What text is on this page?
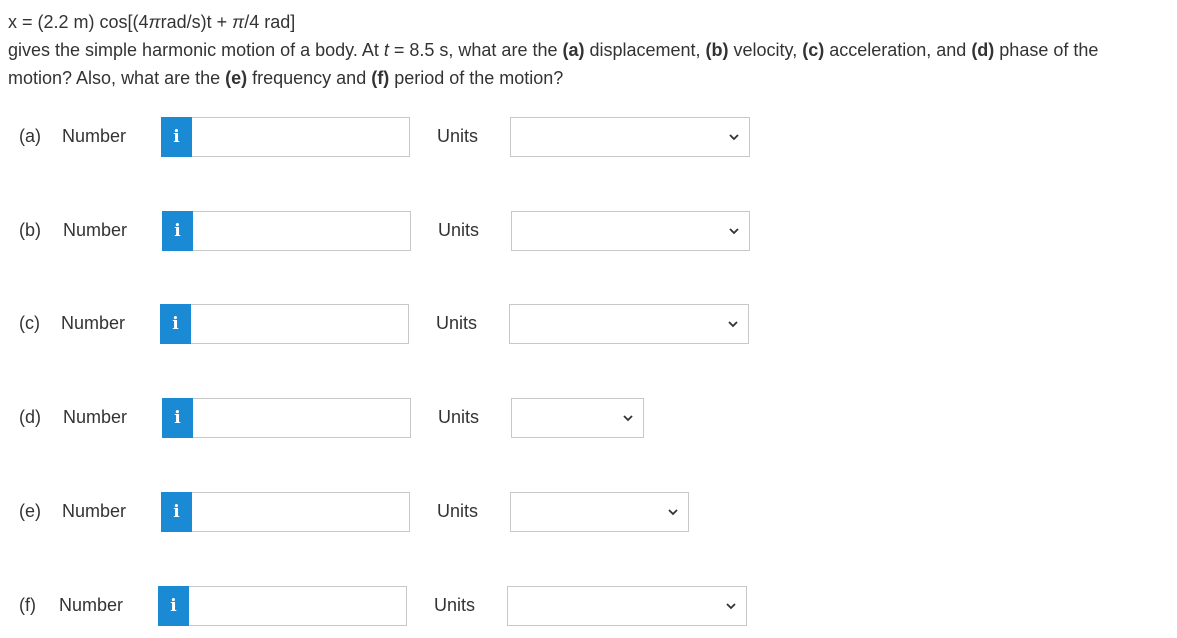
x = (2.2 m) cos[(4πrad/s)t + π/4 rad]
gives the simple harmonic motion of a body. At t = 8.5 s, what are the (a) displacement, (b) velocity, (c) acceleration, and (d) phase of the
motion? Also, what are the (e) frequency and (f) period of the motion?
(a) Number	i	Units
(b) Number	i	Units
(c) Number	i	Units
(d) Number	i	Units
(e) Number	i	Units
(f) Number	i	Units
